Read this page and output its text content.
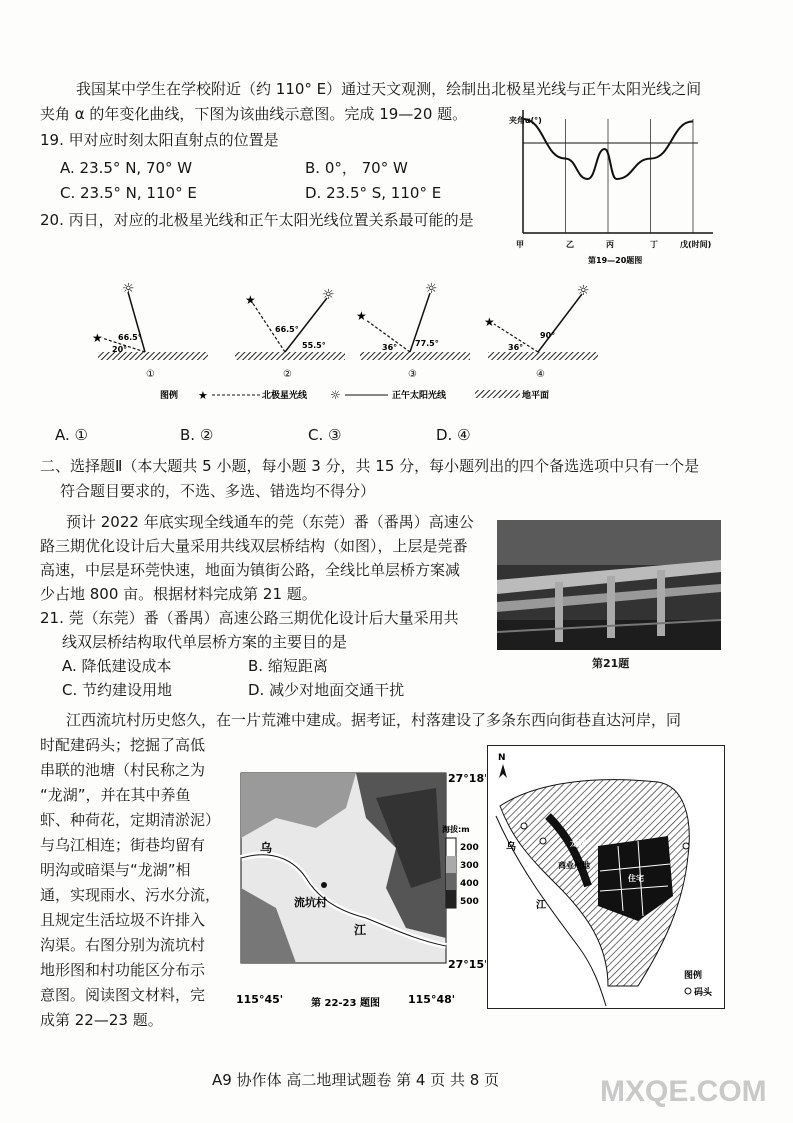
我国某中学生在学校附近（约 110° E）通过天文观测，绘制出北极星光线与正午太阳光线之间
夹角 α 的年变化曲线，下图为该曲线示意图。完成 19—20 题。
19. 甲对应时刻太阳直射点的位置是
A. 23.5° N, 70° W	B. 0°， 70° W
C. 23.5° N, 110° E	D. 23.5° S, 110° E
20. 丙日，对应的北极星光线和正午太阳光线位置关系最可能的是
夹角α(°)
甲	乙	丙	丁	戊(时间)
第19—20题图
☼
★ 66.5°
20°
①
★	☼
66.5°
55.5°
②
★
☼
36° 77.5°
③
★
☼
36°
90°
④
图例 ★	北极星光线 ☼	正午太阳光线	地平面
A. ①	B. ②	C. ③	D. ④
二、选择题Ⅱ（本大题共 5 小题，每小题 3 分，共 15 分，每小题列出的四个备选选项中只有一个是
符合题目要求的，不选、多选、错选均不得分）
预计 2022 年底实现全线通车的莞（东莞）番（番禺）高速公
路三期优化设计后大量采用共线双层桥结构（如图），上层是莞番
高速，中层是环莞快速，地面为镇街公路，全线比单层桥方案减
少占地 800 亩。根据材料完成第 21 题。
第21题
21. 莞（东莞）番（番禺）高速公路三期优化设计后大量采用共
线双层桥结构取代单层桥方案的主要目的是
A. 降低建设成本	B. 缩短距离
C. 节约建设用地	D. 减少对地面交通干扰
江西流坑村历史悠久，在一片荒滩中建成。据考证，村落建设了多条东西向街巷直达河岸，同
时配建码头；挖掘了高低
串联的池塘（村民称之为
“龙湖”，并在其中养鱼
虾、种荷花，定期清淤泥）
与乌江相连；街巷均留有
明沟或暗渠与“龙湖”相
通，实现雨水、污水分流，
且规定生活垃圾不许排入
沟渠。右图分别为流坑村
地形图和村功能区分布示
意图。阅读图文材料，完
成第 22—23 题。
乌
江
流坑村
海拔:m
200
300
400
500
27°18'
27°15'
115°45'	115°48'
第 22-23 题图
N
乌
江
龙湖
商业用地
住宅
图例
码头
A9 协作体 高二地理试题卷 第 4 页 共 8 页	MXQE.COM
